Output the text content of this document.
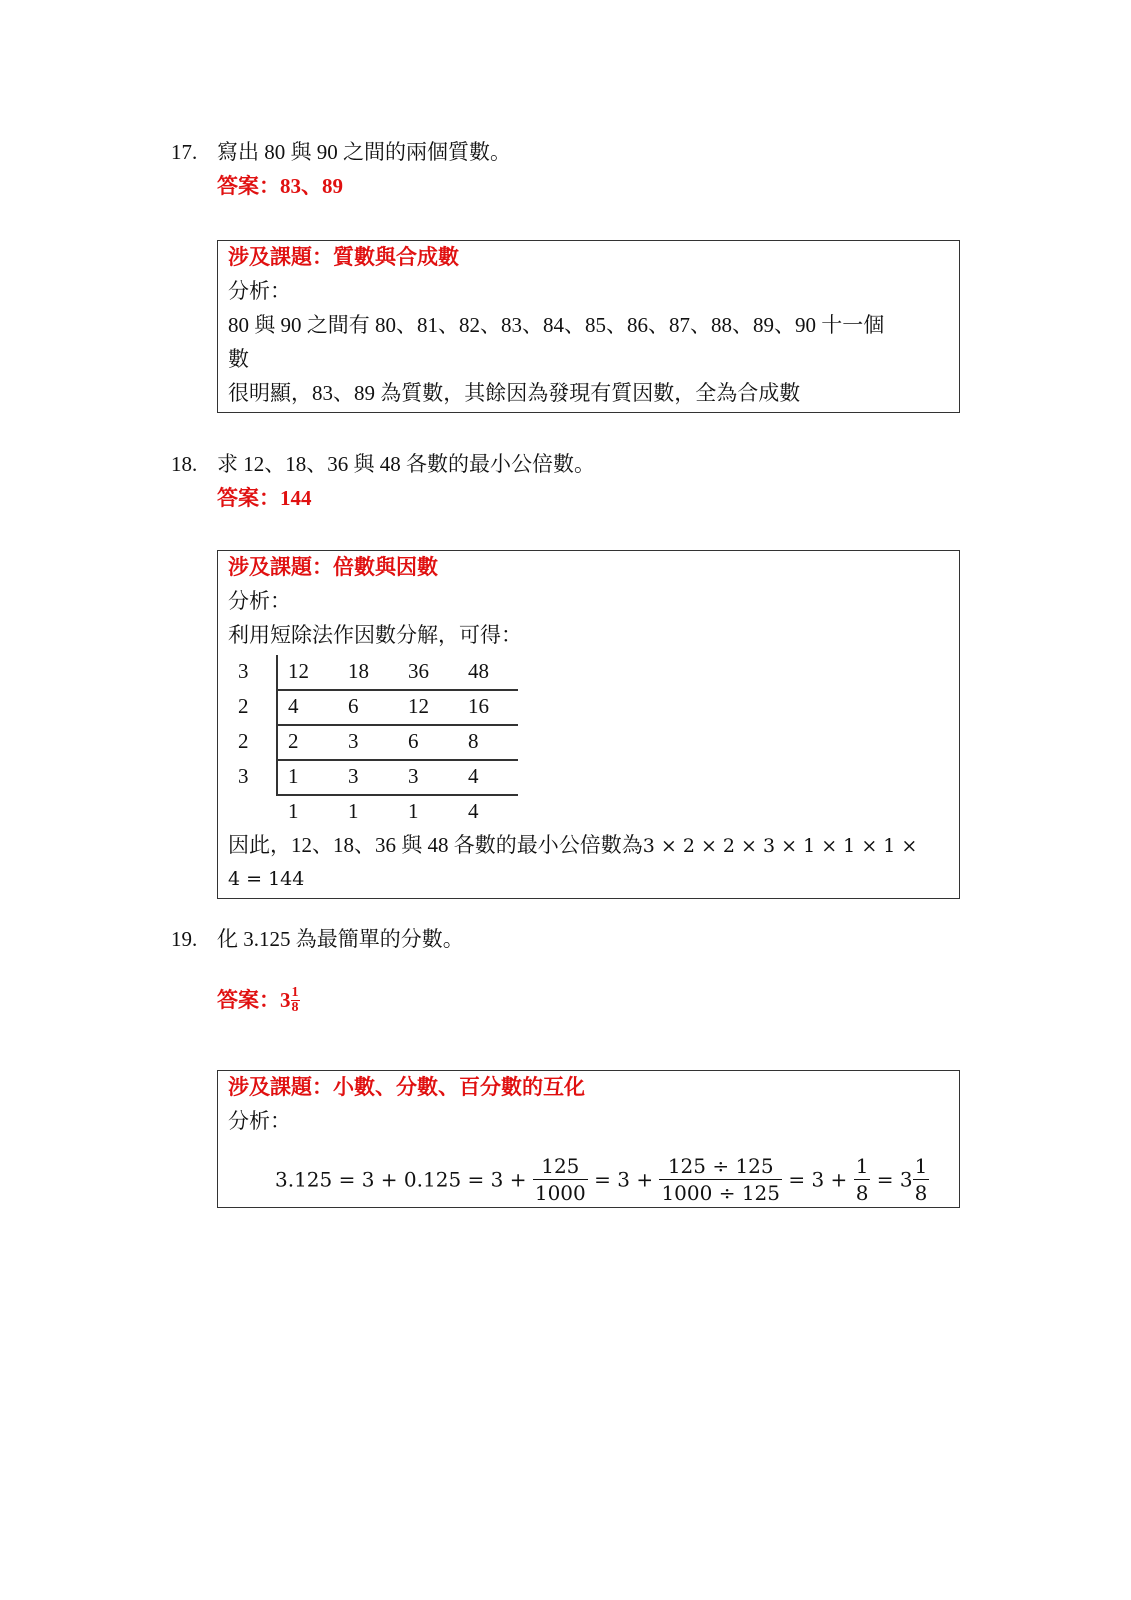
17. 寫出 80 與 90 之間的兩個質數。
答案：83、89
涉及課題：質數與合成數
分析：
80 與 90 之間有 80、81、82、83、84、85、86、87、88、89、90 十一個
數
很明顯，83、89 為質數，其餘因為發現有質因數，全為合成數
18. 求 12、18、36 與 48 各數的最小公倍數。
答案：144
涉及課題：倍數與因數
分析：
利用短除法作因數分解，可得：
3
2
2
3
12 18 36 48
4 6 12 16
2 3 6 8
1 3 3 4
1 1 1 4
因此，12、18、36 與 48 各數的最小公倍數為3 × 2 × 2 × 3 × 1 × 1 × 1 ×
4 = 144
19. 化 3.125 為最簡單的分數。
答案：$3 \frac{1}{8}$
涉及課題：小數、分數、百分數的互化
分析：
$3.125 = 3 + 0.125 = 3 + \frac{125}{1000} = 3 + \frac{125 \div 125}{1000 \div 125} = 3 + \frac{1}{8} = 3 \frac{1}{8}$
